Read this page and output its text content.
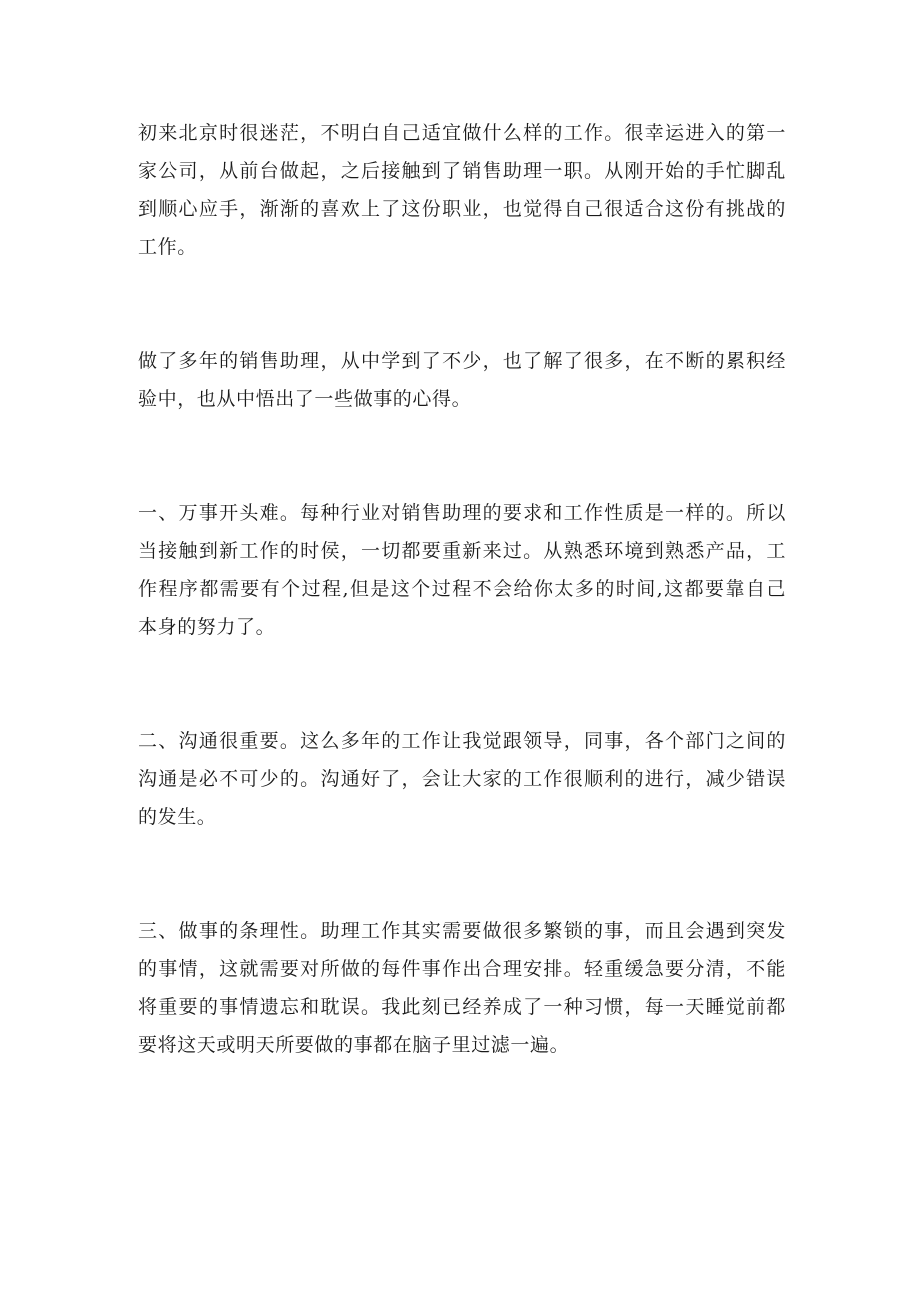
初来北京时很迷茫，不明白自己适宜做什么样的工作。很幸运进入的第一
家公司，从前台做起，之后接触到了销售助理一职。从刚开始的手忙脚乱
到顺心应手，渐渐的喜欢上了这份职业，也觉得自己很适合这份有挑战的
工作。

做了多年的销售助理，从中学到了不少，也了解了很多，在不断的累积经
验中，也从中悟出了一些做事的心得。

一、万事开头难。每种行业对销售助理的要求和工作性质是一样的。所以
当接触到新工作的时侯，一切都要重新来过。从熟悉环境到熟悉产品，工
作程序都需要有个过程,但是这个过程不会给你太多的时间,这都要靠自己
本身的努力了。

二、沟通很重要。这么多年的工作让我觉跟领导，同事，各个部门之间的
沟通是必不可少的。沟通好了，会让大家的工作很顺利的进行，减少错误
的发生。

三、做事的条理性。助理工作其实需要做很多繁锁的事，而且会遇到突发
的事情，这就需要对所做的每件事作出合理安排。轻重缓急要分清，不能
将重要的事情遗忘和耽误。我此刻已经养成了一种习惯，每一天睡觉前都
要将这天或明天所要做的事都在脑子里过滤一遍。
